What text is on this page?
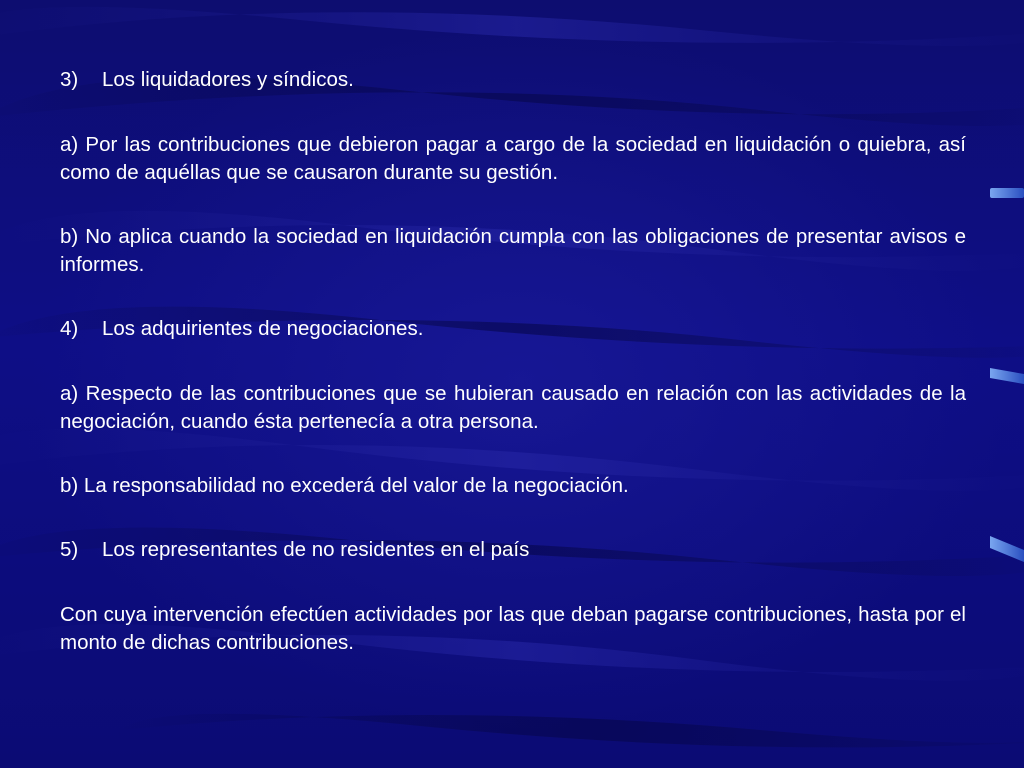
3) Los liquidadores y síndicos.

a) Por las contribuciones que debieron pagar a cargo de la sociedad en liquidación o quiebra, así como de aquéllas que se causaron durante su gestión.

b) No aplica cuando la sociedad en liquidación cumpla con las obligaciones de presentar avisos e informes.

4) Los adquirientes de negociaciones.

a) Respecto de las contribuciones que se hubieran causado en relación con las actividades de la negociación, cuando ésta pertenecía a otra persona.

b) La responsabilidad no excederá del valor de la negociación.

5) Los representantes de no residentes en el país

Con cuya intervención efectúen actividades por las que deban pagarse contribuciones, hasta por el monto de dichas contribuciones.
